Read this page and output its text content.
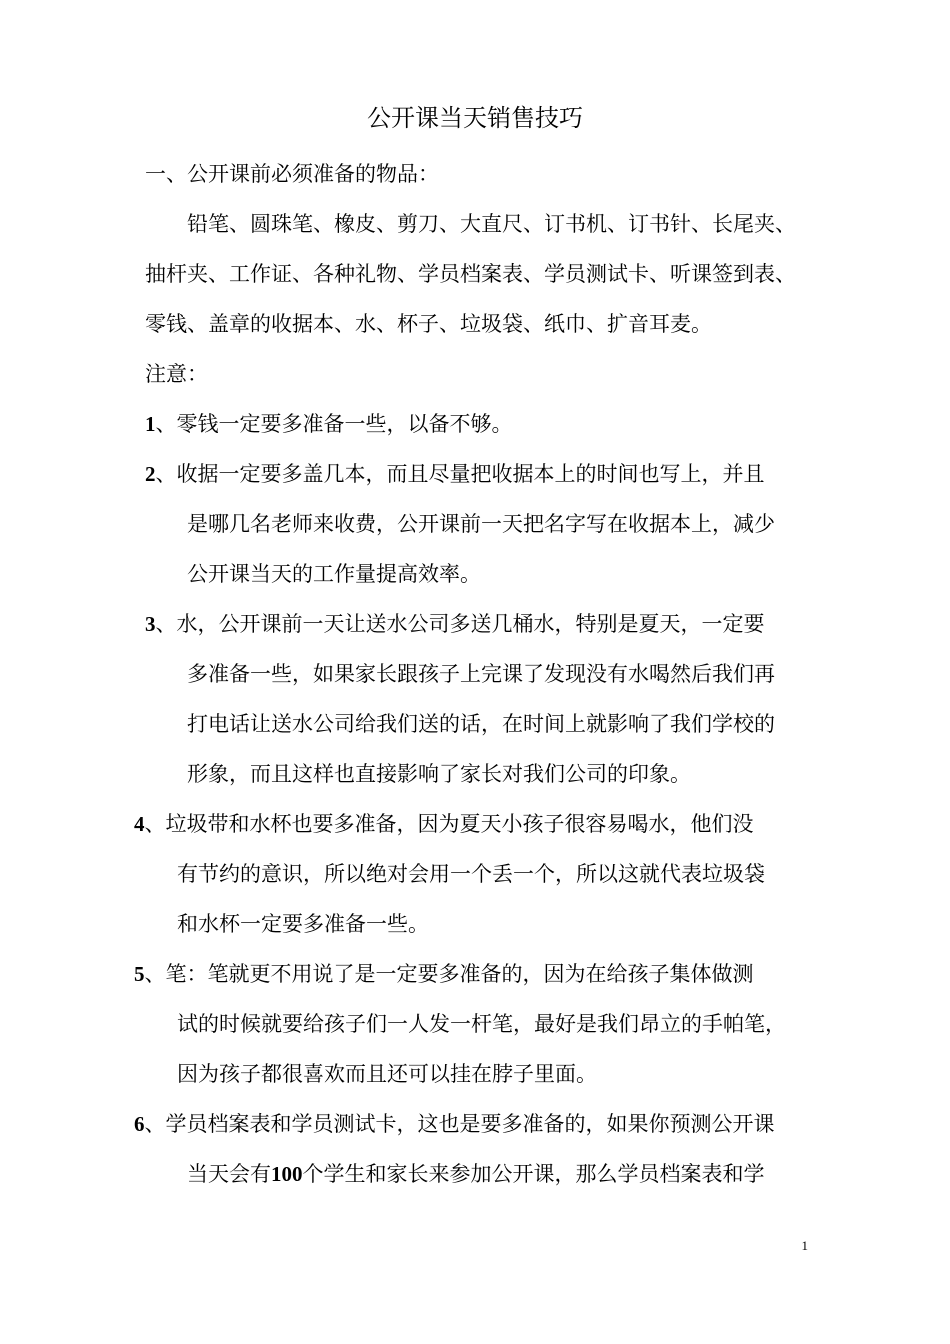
公开课当天销售技巧
一、公开课前必须准备的物品：
铅笔、圆珠笔、橡皮、剪刀、大直尺、订书机、订书针、长尾夹、
抽杆夹、工作证、各种礼物、学员档案表、学员测试卡、听课签到表、
零钱、盖章的收据本、水、杯子、垃圾袋、纸巾、扩音耳麦。
注意：
1、零钱一定要多准备一些，以备不够。
2、收据一定要多盖几本，而且尽量把收据本上的时间也写上，并且
是哪几名老师来收费，公开课前一天把名字写在收据本上，减少
公开课当天的工作量提高效率。
3、水，公开课前一天让送水公司多送几桶水，特别是夏天，一定要
多准备一些，如果家长跟孩子上完课了发现没有水喝然后我们再
打电话让送水公司给我们送的话，在时间上就影响了我们学校的
形象，而且这样也直接影响了家长对我们公司的印象。
4、垃圾带和水杯也要多准备，因为夏天小孩子很容易喝水，他们没
有节约的意识，所以绝对会用一个丢一个，所以这就代表垃圾袋
和水杯一定要多准备一些。
5、笔：笔就更不用说了是一定要多准备的，因为在给孩子集体做测
试的时候就要给孩子们一人发一杆笔，最好是我们昂立的手帕笔，
因为孩子都很喜欢而且还可以挂在脖子里面。
6、学员档案表和学员测试卡，这也是要多准备的，如果你预测公开课
当天会有100个学生和家长来参加公开课，那么学员档案表和学
1
